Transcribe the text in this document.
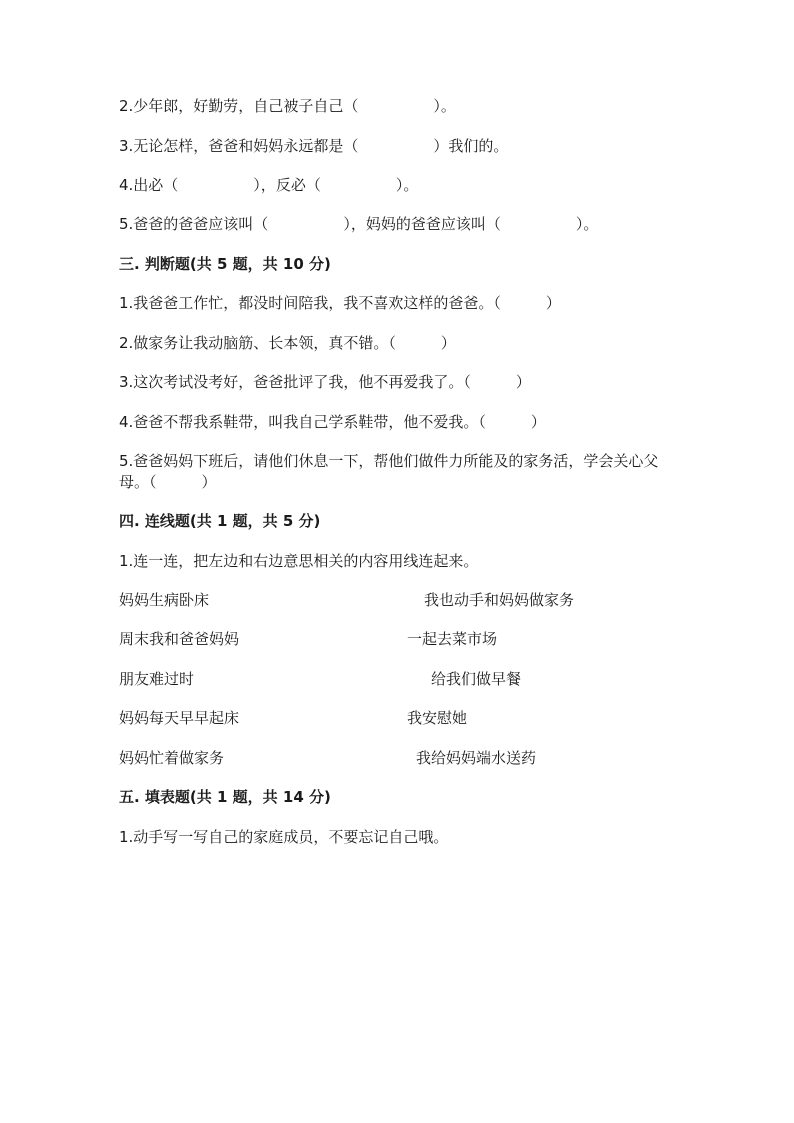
2.少年郎，好勤劳，自己被子自己（　　　　　）。
3.无论怎样，爸爸和妈妈永远都是（　　　　　）我们的。
4.出必（　　　　　），反必（　　　　　）。
5.爸爸的爸爸应该叫（　　　　　），妈妈的爸爸应该叫（　　　　　）。
三. 判断题(共 5 题，共 10 分)
1.我爸爸工作忙，都没时间陪我，我不喜欢这样的爸爸。（　　　）
2.做家务让我动脑筋、长本领，真不错。（　　　）
3.这次考试没考好，爸爸批评了我，他不再爱我了。（　　　）
4.爸爸不帮我系鞋带，叫我自己学系鞋带，他不爱我。（　　　）
5.爸爸妈妈下班后，请他们休息一下，帮他们做件力所能及的家务活，学会关心父母。（　　　）
四. 连线题(共 1 题，共 5 分)
1.连一连，把左边和右边意思相关的内容用线连起来。
妈妈生病卧床	我也动手和妈妈做家务
周末我和爸爸妈妈	一起去菜市场
朋友难过时	给我们做早餐
妈妈每天早早起床	我安慰她
妈妈忙着做家务	我给妈妈端水送药
五. 填表题(共 1 题，共 14 分)
1.动手写一写自己的家庭成员，不要忘记自己哦。
